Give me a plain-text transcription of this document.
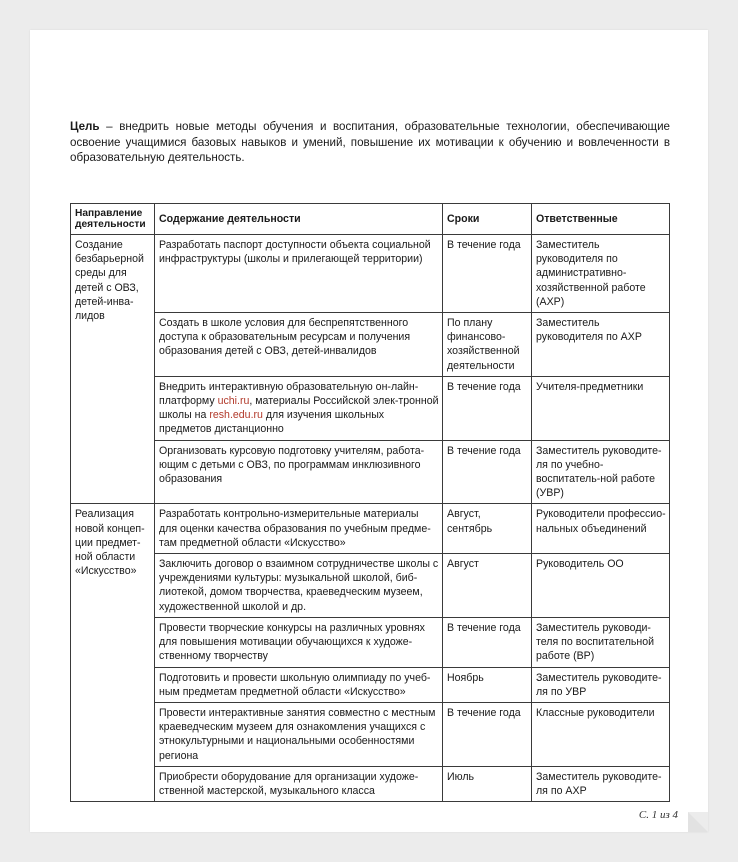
Цель – внедрить новые методы обучения и воспитания, образовательные технологии, обеспечивающие освоение учащимися базовых навыков и умений, повышение их мотивации к обучению и вовлеченности в образовательную деятельность.
Направление деятельности	Содержание деятельности	Сроки	Ответственные
Создание безбарьерной среды для детей с ОВЗ, детей-инва-лидов	Разработать паспорт доступности объекта социальной инфраструктуры (школы и прилегающей территории)	В течение года	Заместитель руководителя по административно-хозяйственной работе (АХР)
	Создать в школе условия для беспрепятственного доступа к образовательным ресурсам и получения образования детей с ОВЗ, детей-инвалидов	По плану финансово-хозяйственной деятельности	Заместитель руководителя по АХР
	Внедрить интерактивную образовательную он-лайн-платформу uchi.ru, материалы Российской элек-тронной школы на resh.edu.ru для изучения школьных предметов дистанционно	В течение года	Учителя-предметники
	Организовать курсовую подготовку учителям, работа-ющим с детьми с ОВЗ, по программам инклюзивного образования	В течение года	Заместитель руководите-ля по учебно-воспитатель-ной работе (УВР)
Реализация новой концеп-ции предмет-ной области «Искусство»	Разработать контрольно-измерительные материалы для оценки качества образования по учебным предме-там предметной области «Искусство»	Август, сентябрь	Руководители профессио-нальных объединений
	Заключить договор о взаимном сотрудничестве школы с учреждениями культуры: музыкальной школой, биб-лиотекой, домом творчества, краеведческим музеем, художественной школой и др.	Август	Руководитель ОО
	Провести творческие конкурсы на различных уровнях для повышения мотивации обучающихся к художе-ственному творчеству	В течение года	Заместитель руководи-теля по воспитательной работе (ВР)
	Подготовить и провести школьную олимпиаду по учеб-ным предметам предметной области «Искусство»	Ноябрь	Заместитель руководите-ля по УВР
	Провести интерактивные занятия совместно с местным краеведческим музеем для ознакомления учащихся с этнокультурными и национальными особенностями региона	В течение года	Классные руководители
	Приобрести оборудование для организации художе-ственной мастерской, музыкального класса	Июль	Заместитель руководите-ля по АХР
С. 1 из 4
